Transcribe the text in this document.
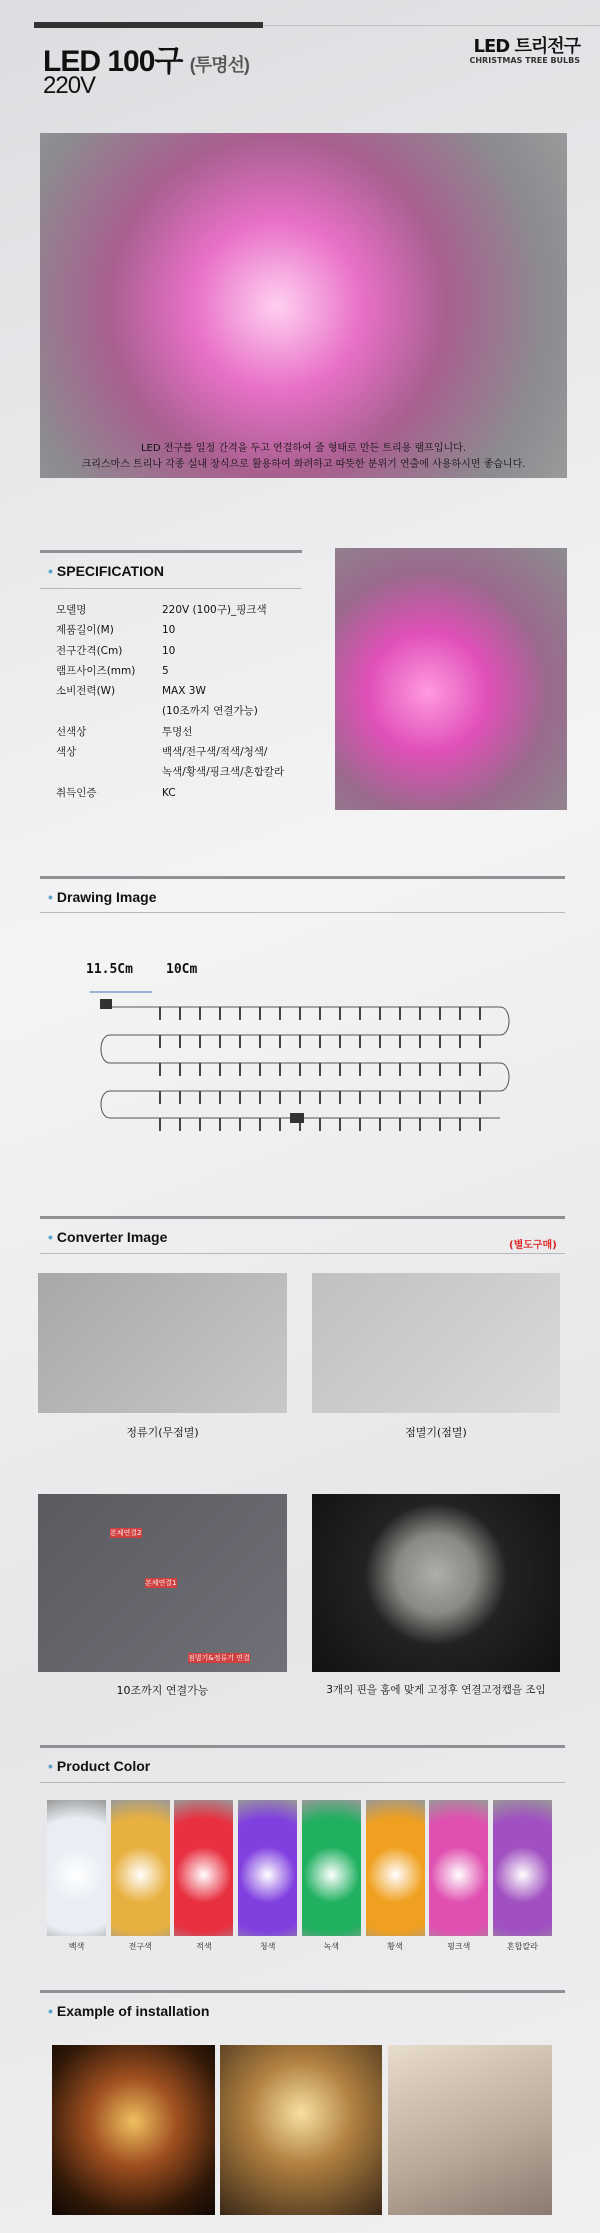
LED 100구 (투명선)
220V
LED 트리전구
CHRISTMAS TREE BULBS
LED 전구를 일정 간격을 두고 연결하여 줄 형태로 만든 트리용 램프입니다.
크리스마스 트리나 각종 실내 장식으로 활용하여 화려하고 따뜻한 분위기 연출에 사용하시면 좋습니다.
• SPECIFICATION
모델명	220V (100구)_핑크색
제품길이(M)	10
전구간격(Cm)	10
램프사이즈(mm)	5
소비전력(W)	MAX 3W
(10조까지 연결가능)
선색상	투명선
색상	백색/전구색/적색/청색/
녹색/황색/핑크색/혼합칼라
취득인증	KC
• Drawing Image
11.5Cm	10Cm
• Converter Image
(별도구매)
정류기(무점멸)	점멸기(점멸)
본체연결2
본체연결1
점멸기&정류기 연결
10조까지 연결가능	3개의 핀을 홈에 맞게 고정후 연결고정캡을 조임
• Product Color
백색	전구색	적색	청색	녹색	황색	핑크색	혼합칼라
• Example of installation
